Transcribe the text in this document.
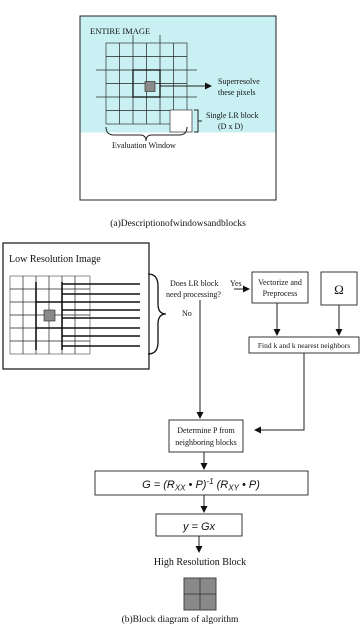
ENTIRE IMAGE
Superresolve
these pixels
Single LR block
(D x D)
Evaluation Window
(a)Descriptionofwindowsandblocks
Low Resolution Image
Does LR block Yes
need processing?
No
Vectorize and
Preprocess	Ω
Find k and k nearest neighbors
Determine P from
neighboring blocks
$G = (R_{XX}$ • P)$^{-1}$ ($R_{XY}$ • P)
y = Gx
High Resolution Block
(b)Block diagram of algorithm
